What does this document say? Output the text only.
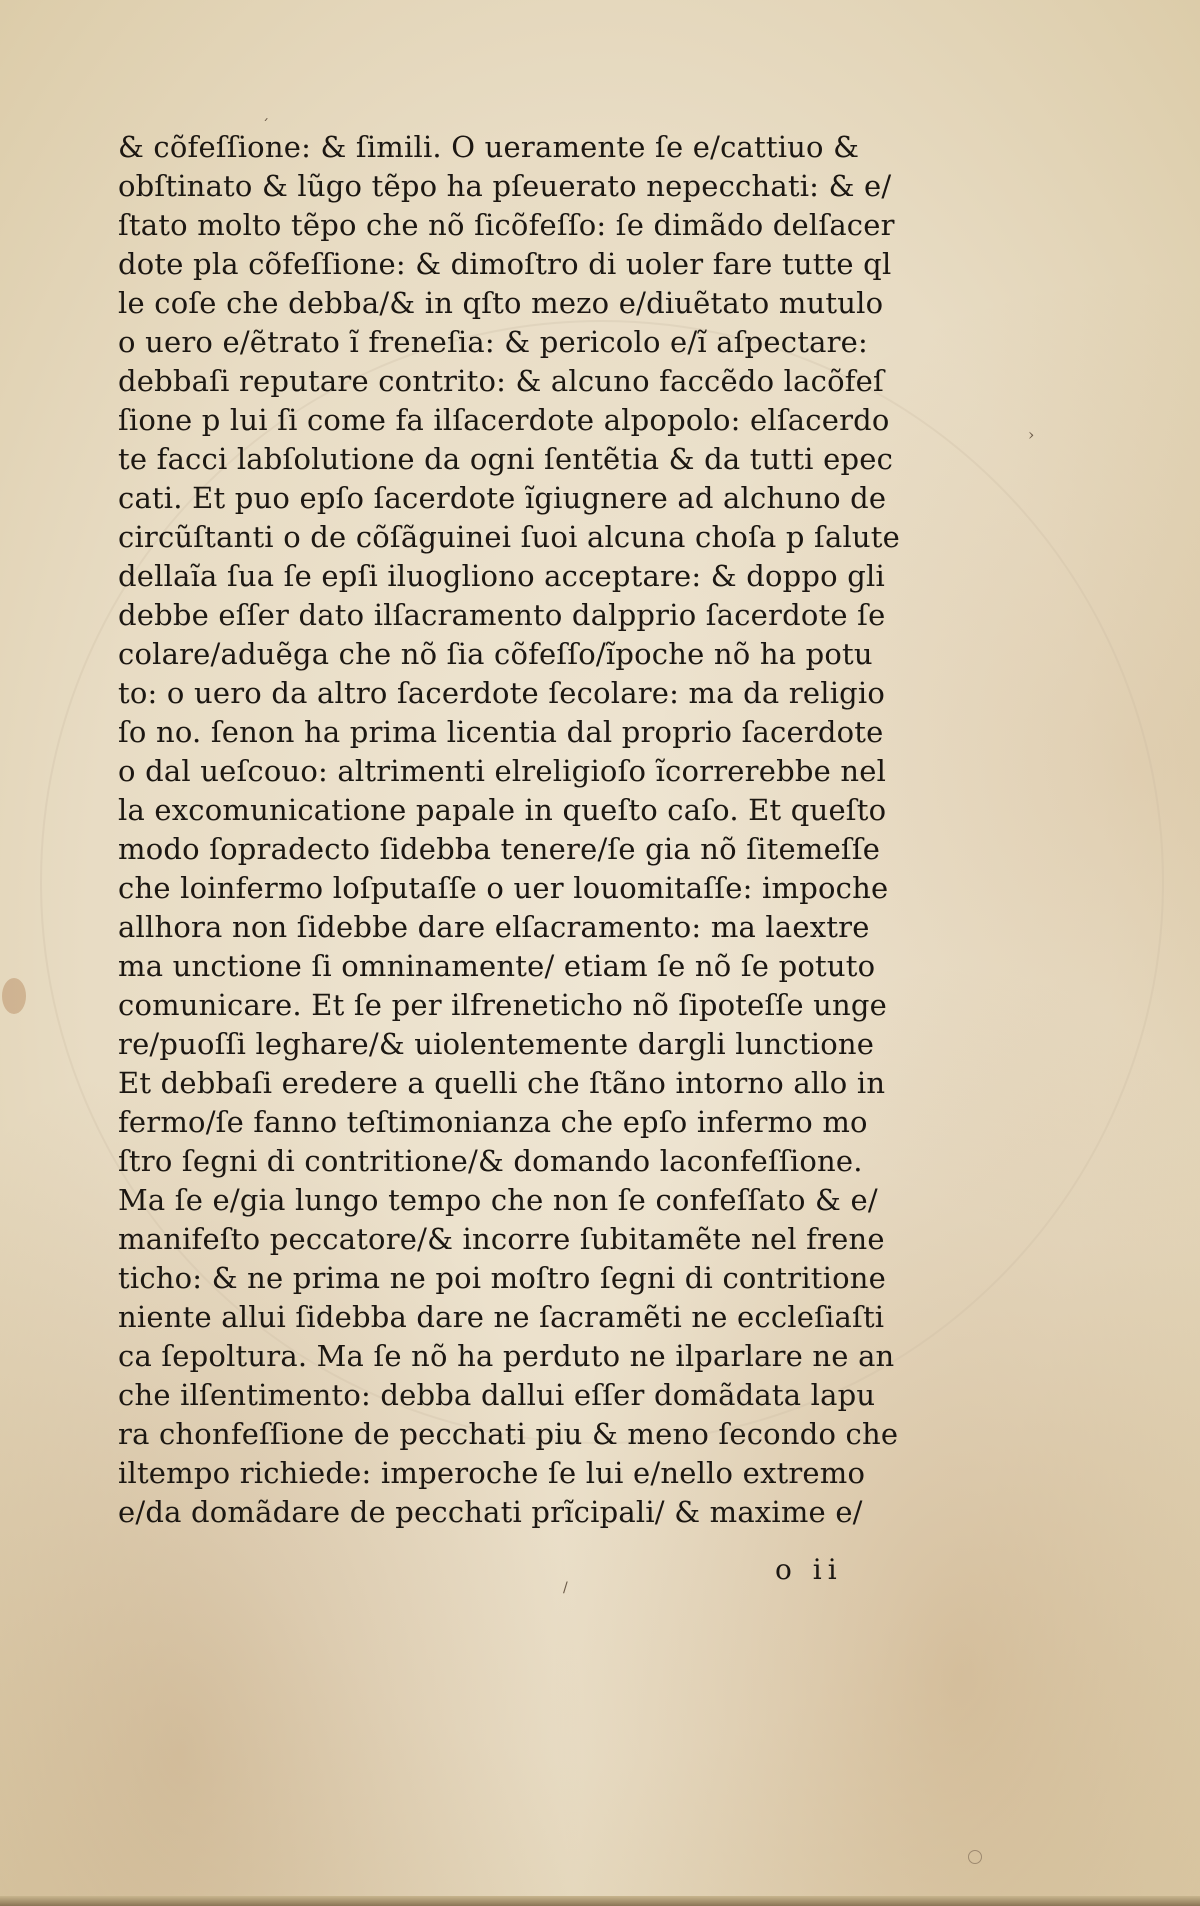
›
ˊ
/
& cõfeſſione: & ſimili. O ueramente ſe e/cattiuo &
obſtinato & lũgo tẽpo ha pſeuerato nepecchati: & e/
ſtato molto tẽpo che nõ ſicõfeſſo: ſe dimãdo delſacer
dote pla cõfeſſione: & dimoſtro di uoler fare tutte ql
le coſe che debba/& in qſto mezo e/diuẽtato mutulo
o uero e/ẽtrato ĩ freneſia: & pericolo e/ĩ aſpectare:
debbaſi reputare contrito: & alcuno faccẽdo lacõfeſ
ſione p lui ſi come fa ilſacerdote alpopolo: elſacerdo
te facci labſolutione da ogni ſentẽtia & da tutti epec
cati. Et puo epſo ſacerdote ĩgiugnere ad alchuno de
circũſtanti o de cõſãguinei ſuoi alcuna choſa p ſalute
dellaĩa ſua ſe epſi iluogliono acceptare: & doppo gli
debbe eſſer dato ilſacramento dalpprio ſacerdote ſe
colare/aduẽga che nõ ſia cõfeſſo/ĩpoche nõ ha potu
to: o uero da altro ſacerdote ſecolare: ma da religio
ſo no. ſenon ha prima licentia dal proprio ſacerdote
o dal ueſcouo: altrimenti elreligioſo ĩcorrerebbe nel
la excomunicatione papale in queſto caſo. Et queſto
modo ſopradecto ſidebba tenere/ſe gia nõ ſitemeſſe
che loinfermo loſputaſſe o uer louomitaſſe: impoche
allhora non ſidebbe dare elſacramento: ma laextre
ma unctione ſi omninamente/ etiam ſe nõ ſe potuto
comunicare. Et ſe per ilfreneticho nõ ſipoteſſe unge
re/puoſſi leghare/& uiolentemente dargli lunctione
Et debbaſi eredere a quelli che ſtãno intorno allo in
fermo/ſe fanno teſtimonianza che epſo infermo mo
ſtro ſegni di contritione/& domando laconfeſſione.
Ma ſe e/gia lungo tempo che non ſe confeſſato & e/
manifeſto peccatore/& incorre ſubitamẽte nel frene
ticho: & ne prima ne poi moſtro ſegni di contritione
niente allui ſidebba dare ne ſacramẽti ne eccleſiaſti
ca ſepoltura. Ma ſe nõ ha perduto ne ilparlare ne an
che ilſentimento: debba dallui eſſer domãdata lapu
ra chonfeſſione de pecchati piu & meno ſecondo che
iltempo richiede: imperoche ſe lui e/nello extremo
e/da domãdare de pecchati prĩcipali/ & maxime e/
o ii
